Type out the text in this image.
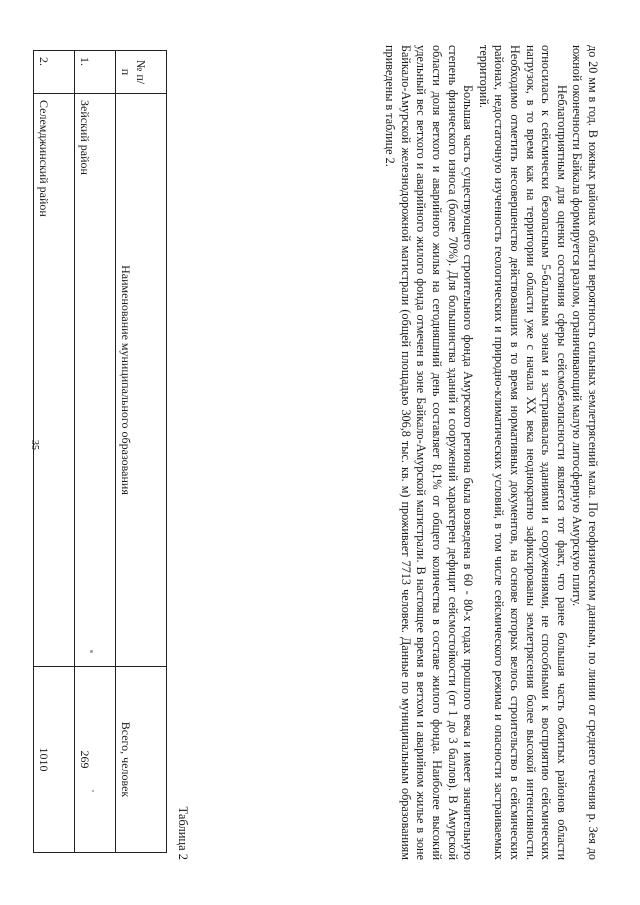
35	до 20 мм в год. В южных районах области вероятность сильных землетрясений мала. По геофизическим данным, по линии от среднего течения р. Зея до южной оконечности Байкала формируется разлом, ограничивающий малую литосферную Амурскую плиту.

Неблагоприятным для оценки состояния сферы сейсмобезопасности является тот факт, что ранее большая часть обжитых районов области относилась к сейсмически безопасным 5-балльным зонам и застраивалась зданиями и сооружениями, не способными к восприятию сейсмических нагрузок, в то время как на территории области уже с начала XX века неоднократно зафиксированы землетрясения более высокой интенсивности. Необходимо отметить несовершенство действовавших в то время нормативных документов, на основе которых велось строительство в сейсмических районах, недостаточную изученность геологических и природно-климатических условий, в том числе сейсмического режима и опасности застраиваемых территорий.

Большая часть существующего строительного фонда Амурского региона была возведена в 60 - 80-х годах прошлого века и имеет значительную степень физического износа (более 70%). Для большинства зданий и сооружений характерен дефицит сейсмостойкости (от 1 до 3 баллов). В Амурской области доля ветхого и аварийного жилья на сегодняшний день составляет 8,1% от общего количества в составе жилого фонда. Наиболее высокий удельный вес ветхого и аварийного жилого фонда отмечен в зоне Байкало-Амурской магистрали. В настоящее время в ветхом и аварийном жилье в зоне Байкало-Амурской железнодорожной магистрали (общей площадью 306,8 тыс. кв. м) проживает 7713 человек. Данные по муниципальным образованиям приведены в таблице 2.

Таблица 2
№ п/п	Наименование муниципального образования	Всего, человек
1.	Зейский район	269
2.	Селемджинский район	1010
